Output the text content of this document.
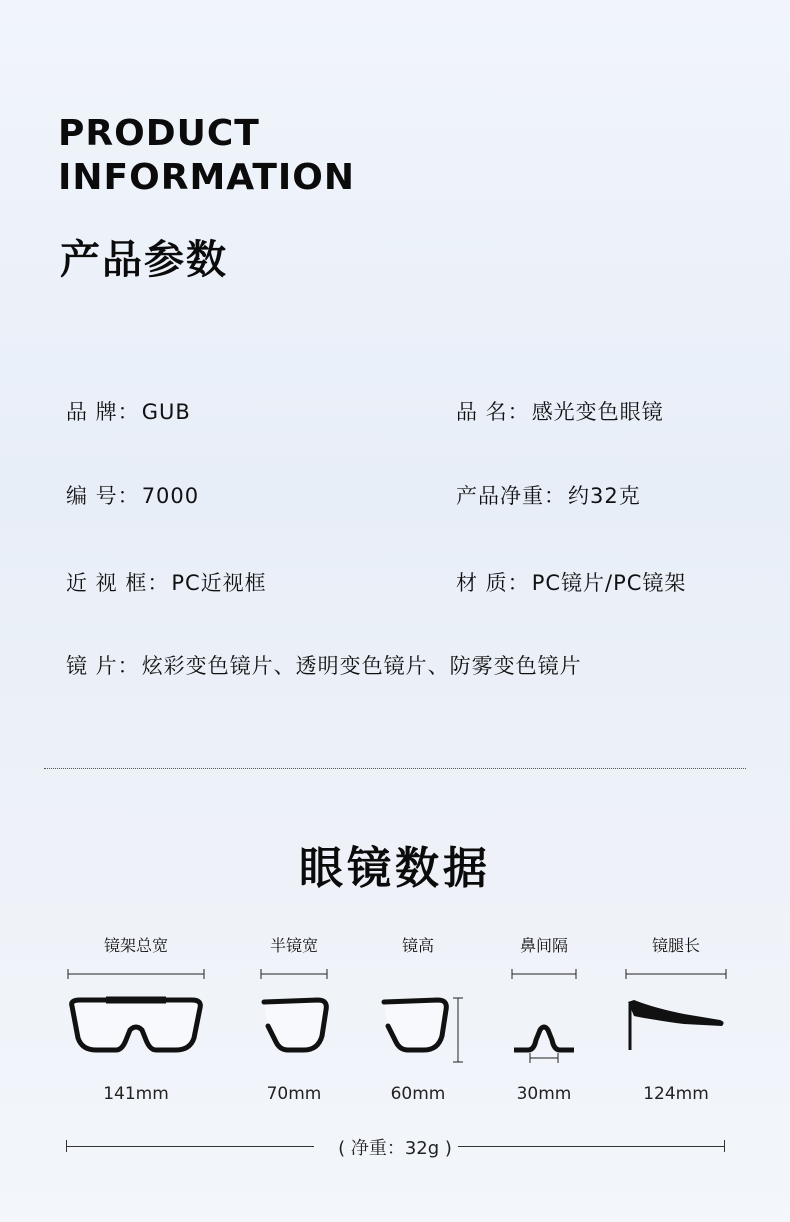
PRODUCT
INFORMATION
产品参数
品 牌：GUB	品 名：感光变色眼镜
编 号：7000	产品净重：约32克
近 视 框：PC近视框	材 质：PC镜片/PC镜架
镜 片：炫彩变色镜片、透明变色镜片、防雾变色镜片
眼镜数据
镜架总宽
141mm
半镜宽
70mm
镜高
60mm
鼻间隔
30mm
镜腿长
124mm
( 净重：32g )
